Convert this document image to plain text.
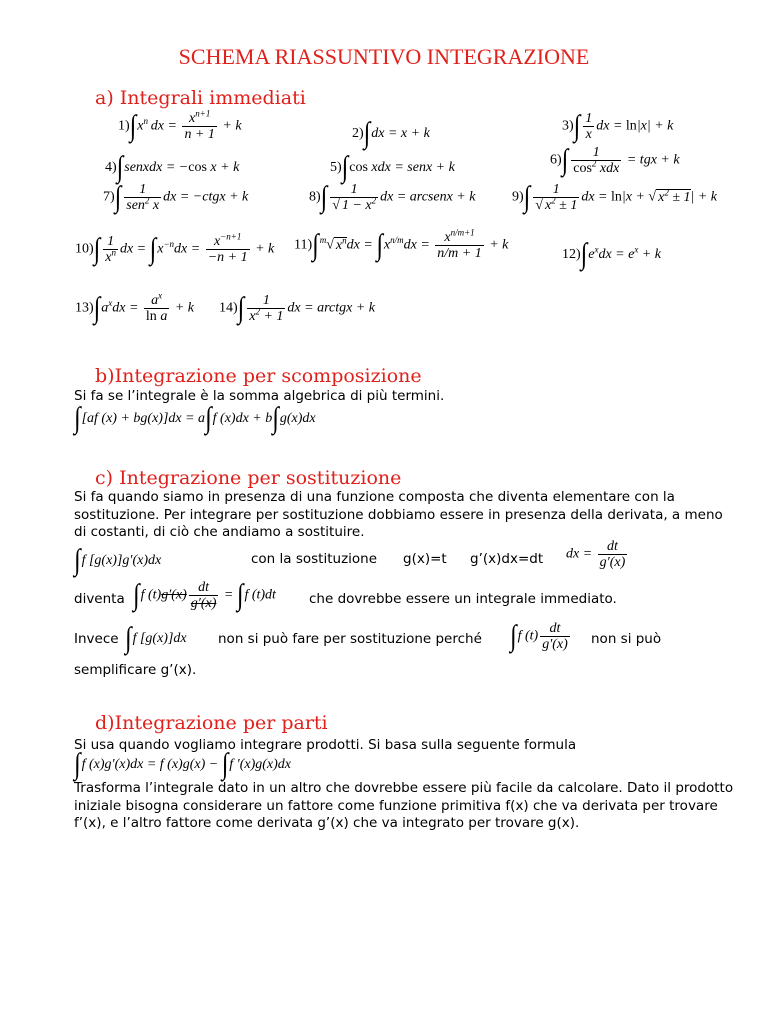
SCHEMA RIASSUNTIVO INTEGRAZIONE
a) Integrali immediati
$1)\int x^n$  dx = $\frac{x^{n+1}}{n + 1} + k$	2)∫dx = x + k	$3)\int \frac{1}{x}$ dx = ln|x| + k
4)∫senxdx = −cos x + k	5)∫cos xdx = senx + k	6)∫	1
$\cos^2$ xdx
= tgx + k
7)∫	1
sen$^2$ x
dx = −ctgx + k	$8)\int \frac{1}{√ 1 - x^2}$ dx = arcsenx + k	$9)\int \frac{1}{√ x^2 \pm 1}$ dx = ln|x + √ $x^2 \pm 1| + k$
$10)\int \frac{1}{x^n}$ dx = $\int x^{-n}dx = \frac{x^{-n+1}}{-n + 1} + k$ 11)∫$^m$√ $x^ndx = \int x^{n/m}dx = \frac{x^{n/m+1}}{n/m + 1} + k$
$12)\int e^xdx = e^x + k$
$13)\int a^xdx = \frac{a^x}{\text{ln a}} + k$ $14)\int \frac{1}{x^2 + 1}$ dx = arctgx + k
b)Integrazione per scomposizione
Si fa se l’integrale è la somma algebrica di più termini.
∫[af (x) + bg(x)]dx = a∫f (x)dx + b∫g(x)dx
c) Integrazione per sostituzione
Si fa quando siamo in presenza di una funzione composta che diventa elementare con la sostituzione. Per integrare per sostituzione dobbiamo essere in presenza della derivata, a meno di costanti, di ciò che andiamo a sostituire.
∫f [g(x)]g′(x)dx	con la sostituzione g(x)=t g’(x)dx=dt dx = $\frac{dt}{g'(x)}$
diventa ∫f $(t)g'(x) \frac{dt}{g'(x)} = \int f$ (t)dt che dovrebbe essere un integrale immediato.
Invece ∫f [g(x)]dx non si può fare per sostituzione perché ∫f $(t) \frac{dt}{g'(x)}$ non si può
semplificare g’(x).
d)Integrazione per parti
Si usa quando vogliamo integrare prodotti. Si basa sulla seguente formula
∫f (x)g′(x)dx = f (x)g(x) − ∫f ′(x)g(x)dx
Trasforma l’integrale dato in un altro che dovrebbe essere più facile da calcolare. Dato il prodotto iniziale bisogna considerare un fattore come funzione primitiva f(x) che va derivata per trovare f’(x), e l’altro fattore come derivata g’(x) che va integrato per trovare g(x).
